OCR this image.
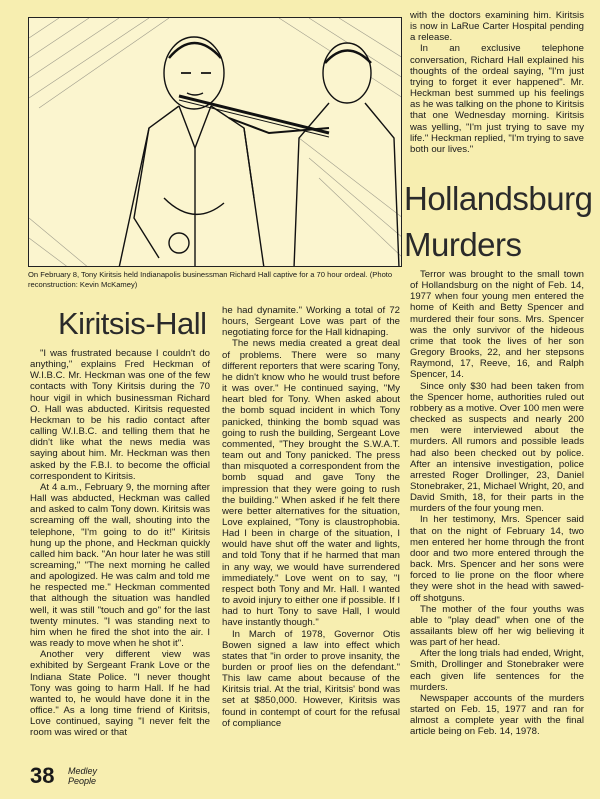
On February 8, Tony Kiritsis held Indianapolis businessman Richard Hall captive for a 70 hour ordeal. (Photo reconstruction: Kevin McKamey)
Kiritsis-Hall
Hollandsburg
Murders

"I was frustrated because I couldn't do anything," explains Fred Heckman of W.I.B.C. Mr. Heckman was one of the few contacts with Tony Kiritsis during the 70 hour vigil in which businessman Richard O. Hall was abducted. Kiritsis requested Heckman to be his radio contact after calling W.I.B.C. and telling them that he didn't like what the news media was saying about him. Mr. Heckman was then asked by the F.B.I. to become the official correspondent to Kiritsis.

At 4 a.m., February 9, the morning after Hall was abducted, Heckman was called and asked to calm Tony down. Kiritsis was screaming off the wall, shouting into the telephone, "I'm going to do it!" Kiritsis hung up the phone, and Heckman quickly called him back. "An hour later he was still screaming," "The next morning he called and apologized. He was calm and told me he respected me." Heckman commented that although the situation was handled well, it was still "touch and go" for the last twenty minutes. "I was standing next to him when he fired the shot into the air. I was ready to move when he shot it".

Another very different view was exhibited by Sergeant Frank Love or the Indiana State Police. "I never thought Tony was going to harm Hall. If he had wanted to, he would have done it in the office." As a long time friend of Kiritsis, Love continued, saying "I never felt the room was wired or that

he had dynamite." Working a total of 72 hours, Sergeant Love was part of the negotiating force for the Hall kidnaping.

The news media created a great deal of problems. There were so many different reporters that were scaring Tony, he didn't know who he would trust before it was over." He continued saying, "My heart bled for Tony. When asked about the bomb squad incident in which Tony panicked, thinking the bomb squad was going to rush the building, Sergeant Love commented, "They brought the S.W.A.T. team out and Tony panicked. The press than misquoted a correspondent from the bomb squad and gave Tony the impression that they were going to rush the building." When asked if he felt there were better alternatives for the situation, Love explained, "Tony is claustrophobia. Had I been in charge of the situation, I would have shut off the water and lights, and told Tony that if he harmed that man in any way, we would have surrendered immediately." Love went on to say, "I respect both Tony and Mr. Hall. I wanted to avoid injury to either one if possible. If I had to hurt Tony to save Hall, I would have instantly though."

In March of 1978, Governor Otis Bowen signed a law into effect which states that "in order to prove insanity, the burden or proof lies on the defendant." This law came about because of the Kiritsis trial. At the trial, Kiritsis' bond was set at $850,000. However, Kiritsis was found in contempt of court for the refusal of compliance

with the doctors examining him. Kiritsis is now in LaRue Carter Hospital pending a release.

In an exclusive telephone conversation, Richard Hall explained his thoughts of the ordeal saying, "I'm just trying to forget it ever happened". Mr. Heckman best summed up his feelings as he was talking on the phone to Kiritsis that one Wednesday morning. Kiritsis was yelling, "I'm just trying to save my life." Heckman replied, "I'm trying to save both our lives."

Terror was brought to the small town of Hollandsburg on the night of Feb. 14, 1977 when four young men entered the home of Keith and Betty Spencer and murdered their four sons. Mrs. Spencer was the only survivor of the hideous crime that took the lives of her son Gregory Brooks, 22, and her stepsons Raymond, 17, Reeve, 16, and Ralph Spencer, 14.

Since only $30 had been taken from the Spencer home, authorities ruled out robbery as a motive. Over 100 men were checked as suspects and nearly 200 men were interviewed about the murders. All rumors and possible leads had also been checked out by police. After an intensive investigation, police arrested Roger Drollinger, 23, Daniel Stonebraker, 21, Michael Wright, 20, and David Smith, 18, for their parts in the murders of the four young men.

In her testimony, Mrs. Spencer said that on the night of February 14, two men entered her home through the front door and two more entered through the back. Mrs. Spencer and her sons were forced to lie prone on the floor where they were shot in the head with sawed-off shotguns.

The mother of the four youths was able to "play dead" when one of the assailants blew off her wig believing it was part of her head.

After the long trials had ended, Wright, Smith, Drollinger and Stonebraker were each given life sentences for the murders.

Newspaper accounts of the murders started on Feb. 15, 1977 and ran for almost a complete year with the final article being on Feb. 14, 1978.

38 Medley
People
